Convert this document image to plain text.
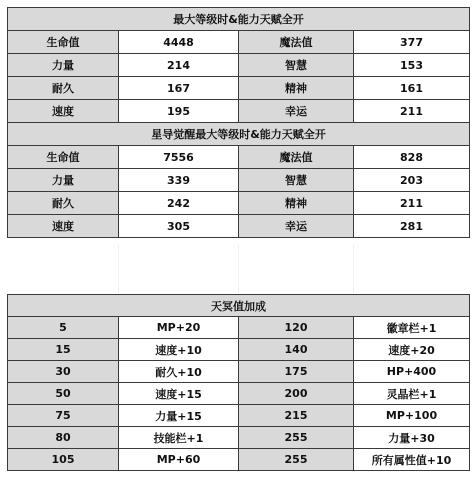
最大等级时&能力天赋全开			
生命值	4448	魔法值	377
力量	214	智慧	153
耐久	167	精神	161
速度	195	幸运	211
星导觉醒最大等级时&能力天赋全开			
生命值	7556	魔法值	828
力量	339	智慧	203
耐久	242	精神	211
速度	305	幸运	281
天冥值加成			
5	MP+20	120	徽章栏+1
15	速度+10	140	速度+20
30	耐久+10	175	HP+400
50	速度+15	200	灵晶栏+1
75	力量+15	215	MP+100
80	技能栏+1	255	力量+30
105	MP+60	255	所有属性值+10
